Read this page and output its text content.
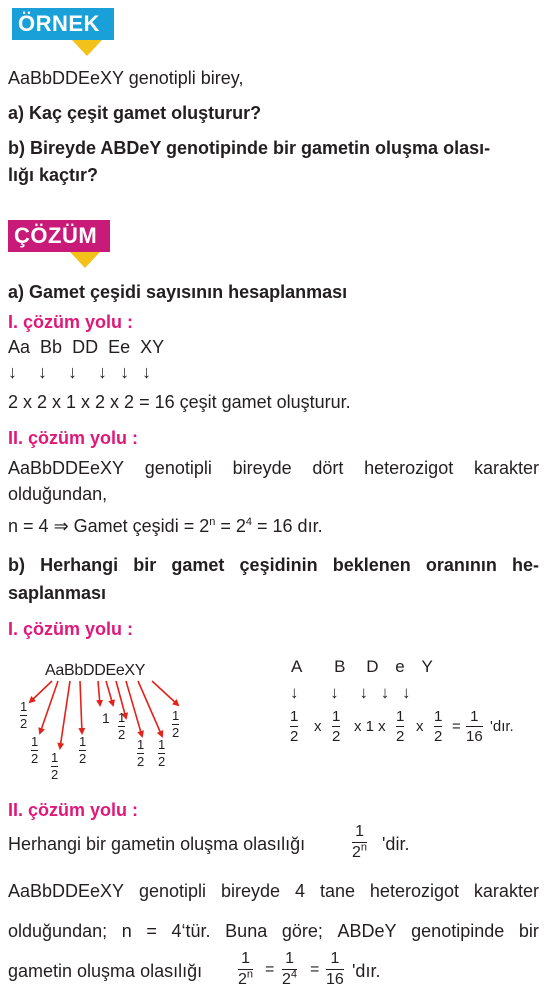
ÖRNEK
AaBbDDEeXY genotipli birey,
a) Kaç çeşit gamet oluşturur?
b) Bireyde ABDeY genotipinde bir gametin oluşma olası-
lığı kaçtır?
ÇÖZÜM
a) Gamet çeşidi sayısının hesaplanması
I. çözüm yolu :
Aa Bb DD Ee XY
↓ ↓ ↓ ↓ ↓ ↓
2 x 2 x 1 x 2 x 2 = 16 çeşit gamet oluşturur.
II. çözüm yolu :
AaBbDDEeXY genotipli bireyde dört heterozigot karakter
olduğundan,
n = 4 ⇒ Gamet çeşidi = $2^n = 2^4 = 16$ dır.
b) Herhangi bir gamet çeşidinin beklenen oranının he-
saplanması
I. çözüm yolu :
AaBbDDEeXY
1
2
1
2 1
2
1
2
1 1
2
1
2
1
2
1
2
A B D e Y
↓ ↓ ↓ ↓ ↓
1
2
x
1
2
x 1 x
1
2
x
1
2
=
1
16
'dır.
II. çözüm yolu :
Herhangi bir gametin oluşma olasılığı
1
2$^n$ 'dir.
AaBbDDEeXY genotipli bireyde 4 tane heterozigot karakter
olduğundan; n = 4‘tür. Buna göre; ABDeY genotipinde bir
gametin oluşma olasılığı
1
$2^n$ =
1
$2^4$ =
1
16 'dır.
